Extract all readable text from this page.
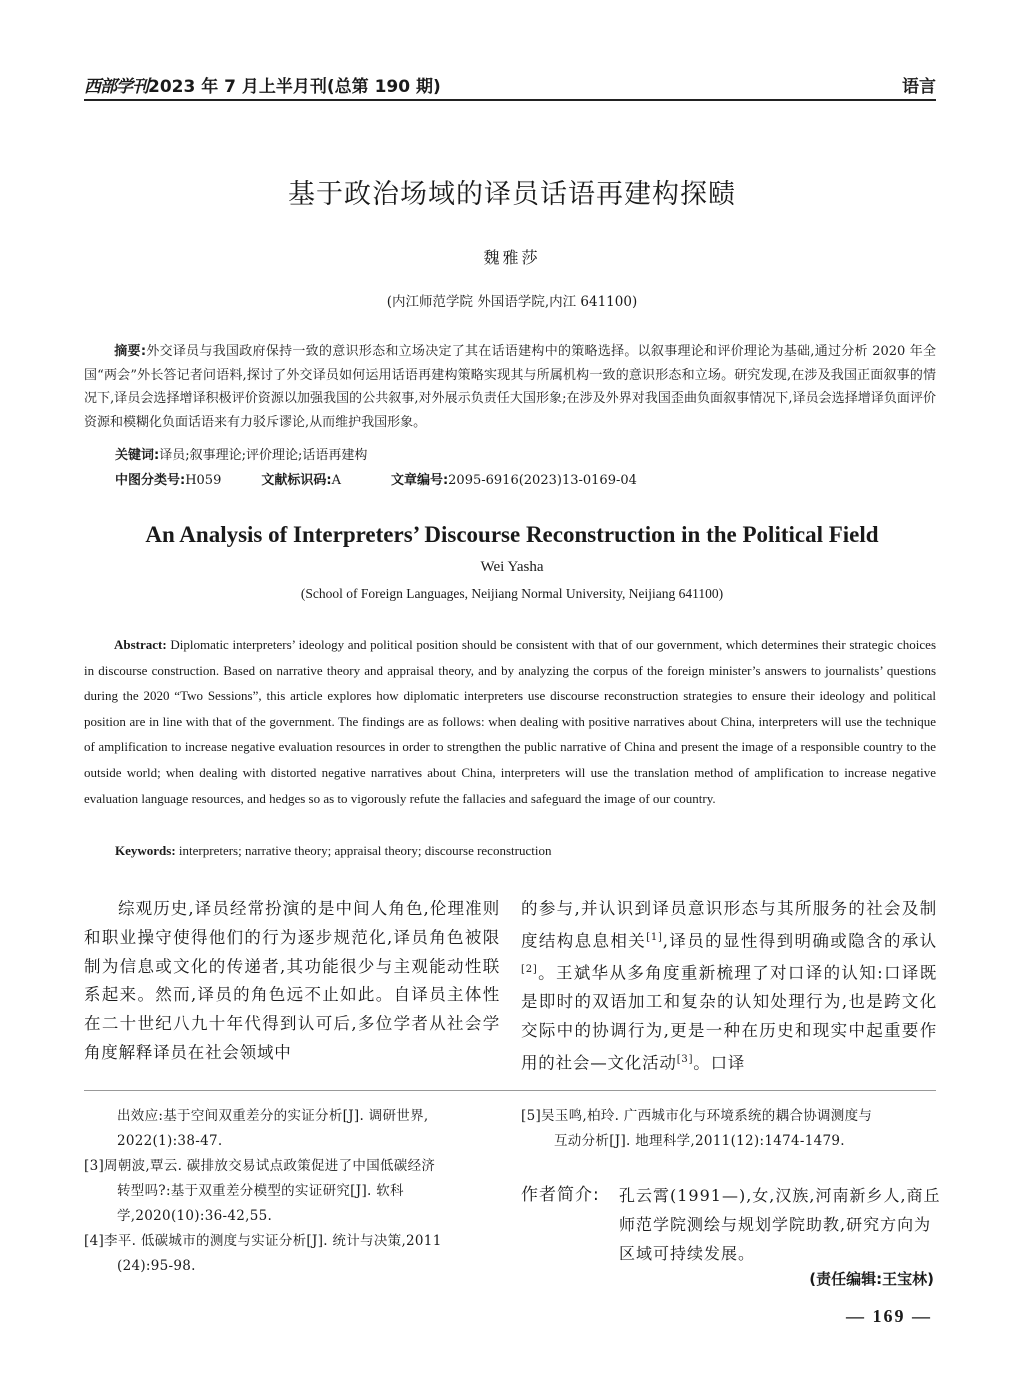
西部学刊2023 年 7 月上半月刊(总第 190 期)	语言
基于政治场域的译员话语再建构探赜
魏雅莎
(内江师范学院 外国语学院,内江 641100)
摘要:外交译员与我国政府保持一致的意识形态和立场决定了其在话语建构中的策略选择。以叙事理论和评价理论为基础,通过分析 2020 年全国“两会”外长答记者问语料,探讨了外交译员如何运用话语再建构策略实现其与所属机构一致的意识形态和立场。研究发现,在涉及我国正面叙事的情况下,译员会选择增译积极评价资源以加强我国的公共叙事,对外展示负责任大国形象;在涉及外界对我国歪曲负面叙事情况下,译员会选择增译负面评价资源和模糊化负面话语来有力驳斥谬论,从而维护我国形象。
关键词:译员;叙事理论;评价理论;话语再建构
中图分类号:H059	文献标识码:A	文章编号:2095-6916(2023)13-0169-04
An Analysis of Interpreters’ Discourse Reconstruction in the Political Field
Wei Yasha
(School of Foreign Languages, Neijiang Normal University, Neijiang 641100)
Abstract: Diplomatic interpreters’ ideology and political position should be consistent with that of our government, which determines their strategic choices in discourse construction. Based on narrative theory and appraisal theory, and by analyzing the corpus of the foreign minister’s answers to journalists’ questions during the 2020 “Two Sessions”, this article explores how diplomatic interpreters use discourse reconstruction strategies to ensure their ideology and political position are in line with that of the government. The findings are as follows: when dealing with positive narratives about China, interpreters will use the technique of amplification to increase negative evaluation resources in order to strengthen the public narrative of China and present the image of a responsible country to the outside world; when dealing with distorted negative narratives about China, interpreters will use the translation method of amplification to increase negative evaluation language resources, and hedges so as to vigorously refute the fallacies and safeguard the image of our country.
Keywords: interpreters; narrative theory; appraisal theory; discourse reconstruction
综观历史,译员经常扮演的是中间人角色,伦理准则和职业操守使得他们的行为逐步规范化,译员角色被限制为信息或文化的传递者,其功能很少与主观能动性联系起来。然而,译员的角色远不止如此。自译员主体性在二十世纪八九十年代得到认可后,多位学者从社会学角度解释译员在社会领域中
的参与,并认识到译员意识形态与其所服务的社会及制度结构息息相关[1],译员的显性得到明确或隐含的承认[2]。王斌华从多角度重新梳理了对口译的认知:口译既是即时的双语加工和复杂的认知处理行为,也是跨文化交际中的协调行为,更是一种在历史和现实中起重要作用的社会—文化活动[3]。口译
出效应:基于空间双重差分的实证分析[J]. 调研世界,
2022(1):38-47.
[3]周朝波,覃云. 碳排放交易试点政策促进了中国低碳经济
转型吗?:基于双重差分模型的实证研究[J]. 软科学,2020(10):36-42,55.
[4]李平. 低碳城市的测度与实证分析[J]. 统计与决策,2011
(24):95-98.
[5]吴玉鸣,柏玲. 广西城市化与环境系统的耦合协调测度与
互动分析[J]. 地理科学,2011(12):1474-1479.
作者简介:	孔云霄(1991—),女,汉族,河南新乡人,商丘师范学院测绘与规划学院助教,研究方向为区域可持续发展。
(责任编辑:王宝林)
— 169 —
